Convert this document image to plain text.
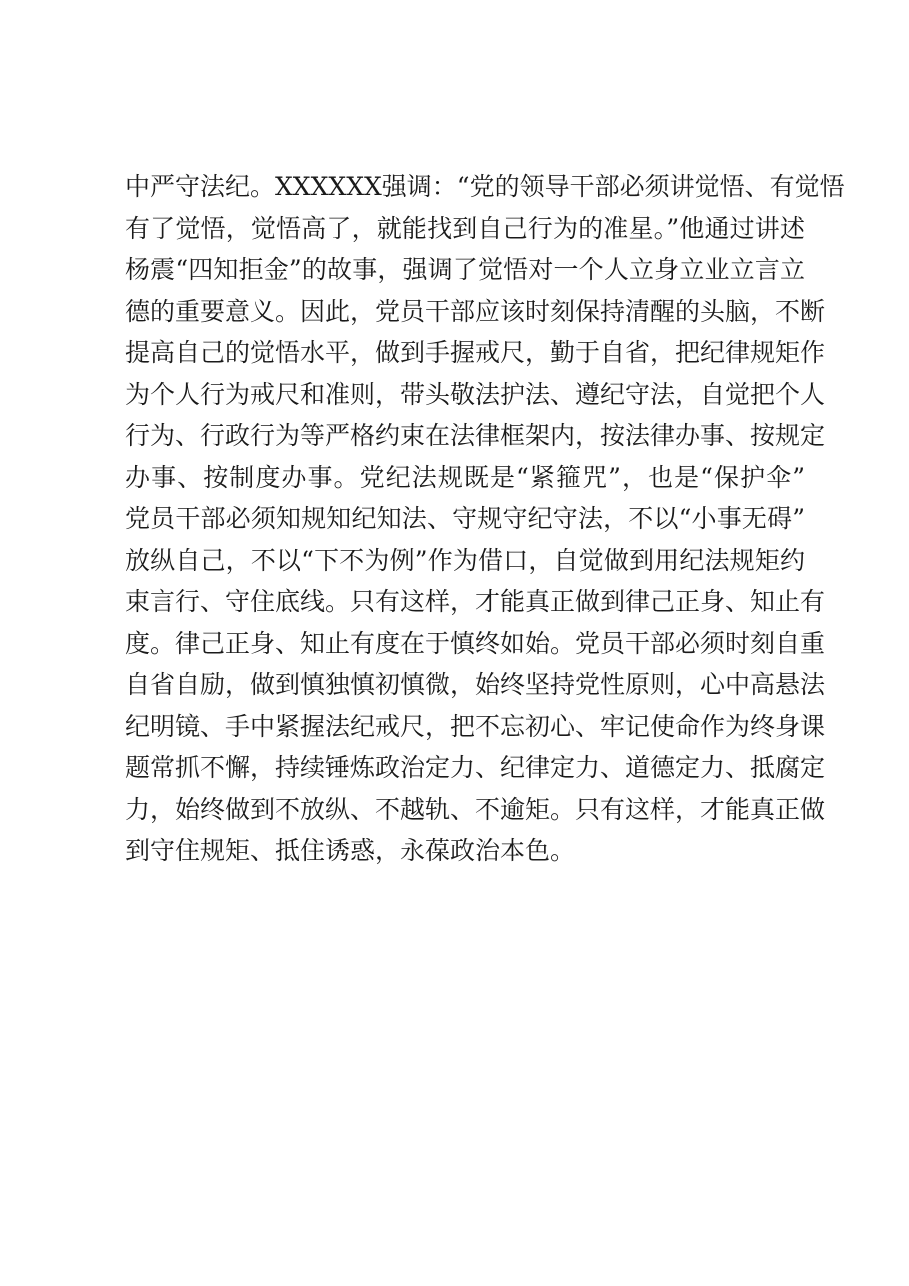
中严守法纪。XXXXXX强调：“党的领导干部必须讲觉悟、有觉悟
有了觉悟，觉悟高了，就能找到自己行为的准星。”他通过讲述
杨震“四知拒金”的故事，强调了觉悟对一个人立身立业立言立
德的重要意义。因此，党员干部应该时刻保持清醒的头脑，不断
提高自己的觉悟水平，做到手握戒尺，勤于自省，把纪律规矩作
为个人行为戒尺和准则，带头敬法护法、遵纪守法，自觉把个人
行为、行政行为等严格约束在法律框架内，按法律办事、按规定
办事、按制度办事。党纪法规既是“紧箍咒”，也是“保护伞”
党员干部必须知规知纪知法、守规守纪守法，不以“小事无碍”
放纵自己，不以“下不为例”作为借口，自觉做到用纪法规矩约
束言行、守住底线。只有这样，才能真正做到律己正身、知止有
度。律己正身、知止有度在于慎终如始。党员干部必须时刻自重
自省自励，做到慎独慎初慎微，始终坚持党性原则，心中高悬法
纪明镜、手中紧握法纪戒尺，把不忘初心、牢记使命作为终身课
题常抓不懈，持续锤炼政治定力、纪律定力、道德定力、抵腐定
力，始终做到不放纵、不越轨、不逾矩。只有这样，才能真正做
到守住规矩、抵住诱惑，永葆政治本色。
